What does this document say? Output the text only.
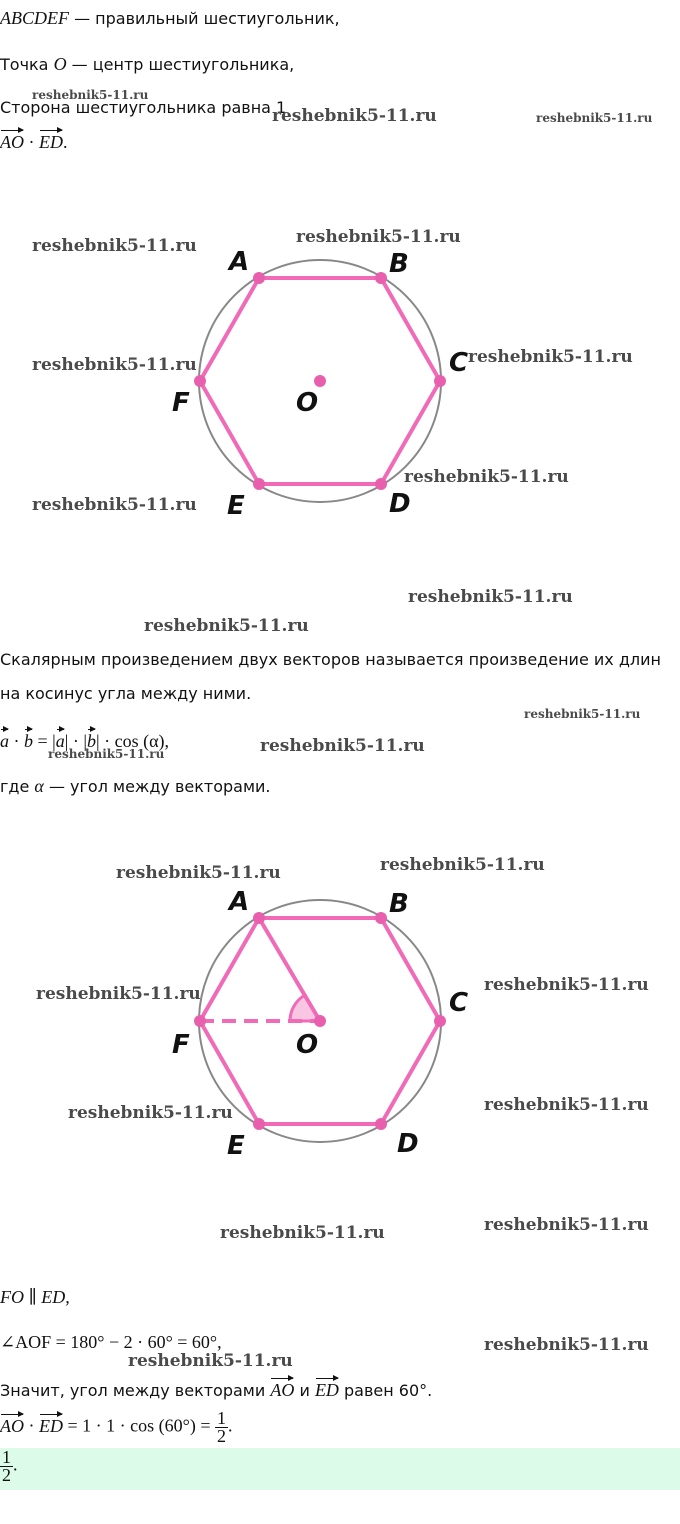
ABCDEF — правильный шестиугольник,
Точка O — центр шестиугольника,
Сторона шестиугольника равна 1
AO · ED.
A	B
C
D
E
F	O
Скалярным произведением двух векторов называется произведение их длин
на косинус угла между ними.
a · b = |a| · |b| · cos (α),
где α — угол между векторами.
A	B
C
D
E
F	O
FO ∥ ED,
∠AOF = 180° − 2 · 60° = 60°,
Значит, угол между векторами AO и ED равен 60°.
AO · ED = $1 \cdot 1 \cdot \cos (60^\circ) = \frac{1}{2}$ .
$\frac{1}{2}$ .
reshebnik5-11.ru
reshebnik5-11.ru	reshebnik5-11.ru
reshebnik5-11.ru
reshebnik5-11.ru
reshebnik5-11.ru
reshebnik5-11.ru
reshebnik5-11.ru
reshebnik5-11.ru
reshebnik5-11.ru
reshebnik5-11.ru
reshebnik5-11.ru
reshebnik5-11.ru	reshebnik5-11.ru
reshebnik5-11.ru
reshebnik5-11.ru
reshebnik5-11.ru
reshebnik5-11.ru
reshebnik5-11.ru
reshebnik5-11.ru
reshebnik5-11.ru
reshebnik5-11.ru
reshebnik5-11.ru
reshebnik5-11.ru
